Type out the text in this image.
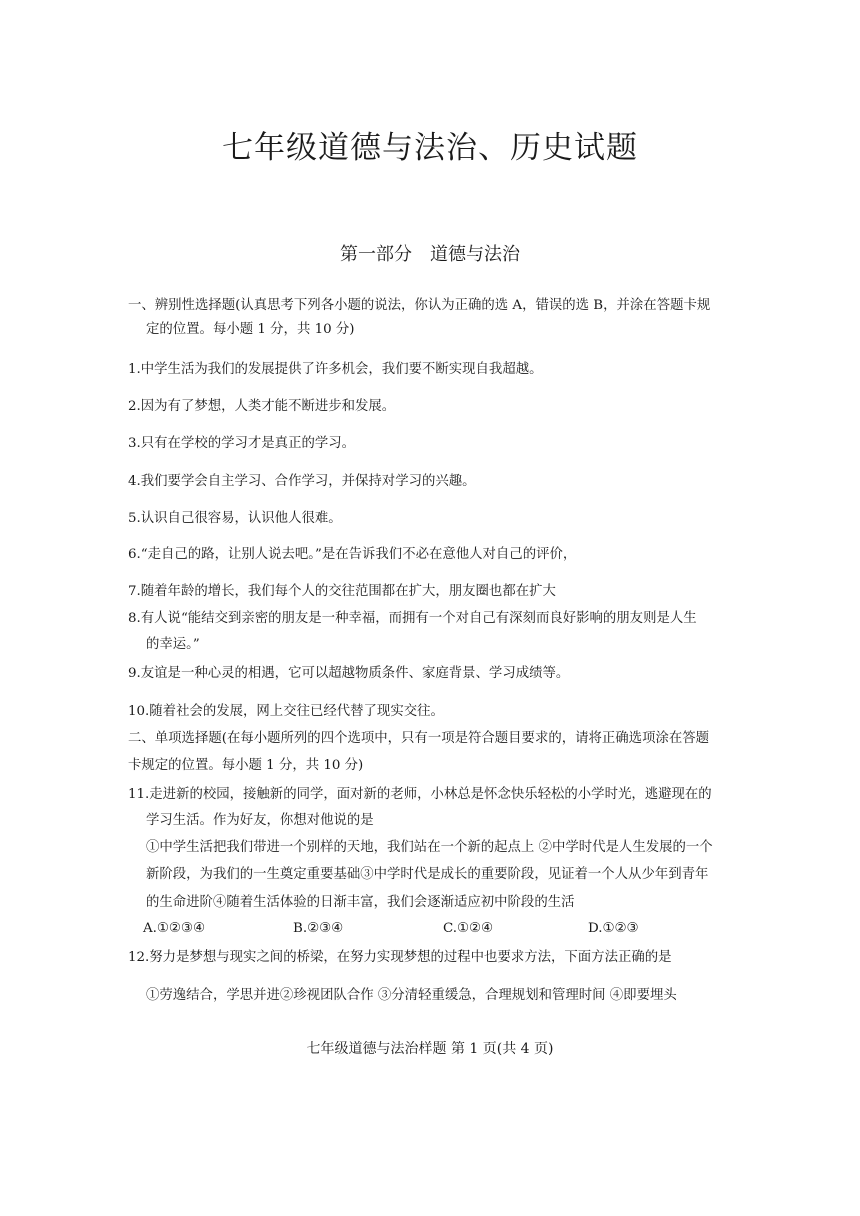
七年级道德与法治、历史试题
第一部分　道德与法治
一、辨别性选择题(认真思考下列各小题的说法，你认为正确的选 A，错误的选 B，并涂在答题卡规
定的位置。每小题 1 分，共 10 分)
1.中学生活为我们的发展提供了许多机会，我们要不断实现自我超越。
2.因为有了梦想，人类才能不断进步和发展。
3.只有在学校的学习才是真正的学习。
4.我们要学会自主学习、合作学习，并保持对学习的兴趣。
5.认识自己很容易，认识他人很难。
6.“走自己的路，让别人说去吧。”是在告诉我们不必在意他人对自己的评价，
7.随着年龄的增长，我们每个人的交往范围都在扩大，朋友圈也都在扩大
8.有人说“能结交到亲密的朋友是一种幸福，而拥有一个对自己有深刻而良好影响的朋友则是人生
的幸运。”
9.友谊是一种心灵的相遇，它可以超越物质条件、家庭背景、学习成绩等。
10.随着社会的发展，网上交往已经代替了现实交往。
二、单项选择题(在每小题所列的四个选项中，只有一项是符合题目要求的，请将正确选项涂在答题
卡规定的位置。每小题 1 分，共 10 分)
11.走进新的校园，接触新的同学，面对新的老师，小林总是怀念快乐轻松的小学时光，逃避现在的
学习生活。作为好友，你想对他说的是
①中学生活把我们带进一个别样的天地，我们站在一个新的起点上 ②中学时代是人生发展的一个
新阶段，为我们的一生奠定重要基础③中学时代是成长的重要阶段，见证着一个人从少年到青年
的生命进阶④随着生活体验的日渐丰富，我们会逐渐适应初中阶段的生活
A.①②③④	B.②③④	C.①②④	D.①②③
12.努力是梦想与现实之间的桥梁，在努力实现梦想的过程中也要求方法，下面方法正确的是
①劳逸结合，学思并进②珍视团队合作 ③分清轻重缓急，合理规划和管理时间 ④即要埋头
七年级道德与法治样题 第 1 页(共 4 页)
